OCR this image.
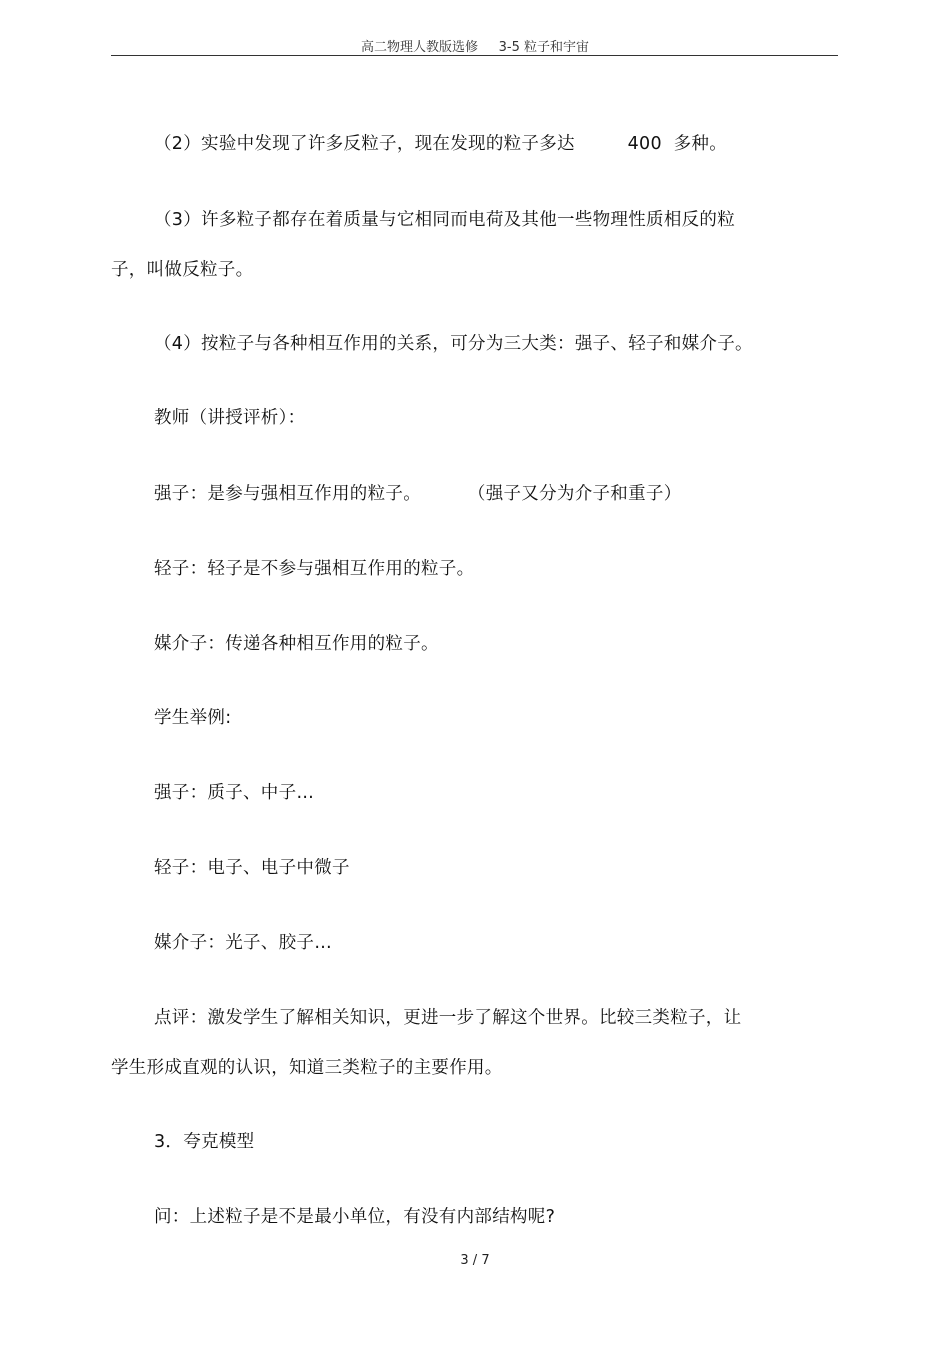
高二物理人教版选修     3-5 粒子和宇宙
（2）实验中发现了许多反粒子，现在发现的粒子多达         400  多种。
（3）许多粒子都存在着质量与它相同而电荷及其他一些物理性质相反的粒
子，叫做反粒子。
（4）按粒子与各种相互作用的关系，可分为三大类：强子、轻子和媒介子。
教师（讲授评析）：
强子：是参与强相互作用的粒子。        （强子又分为介子和重子）
轻子：轻子是不参与强相互作用的粒子。
媒介子：传递各种相互作用的粒子。
学生举例:
强子：质子、中子…
轻子：电子、电子中微子
媒介子：光子、胶子…
点评：激发学生了解相关知识，更进一步了解这个世界。比较三类粒子，让
学生形成直观的认识，知道三类粒子的主要作用。
3．夸克模型
问：上述粒子是不是最小单位，有没有内部结构呢?
3 / 7
